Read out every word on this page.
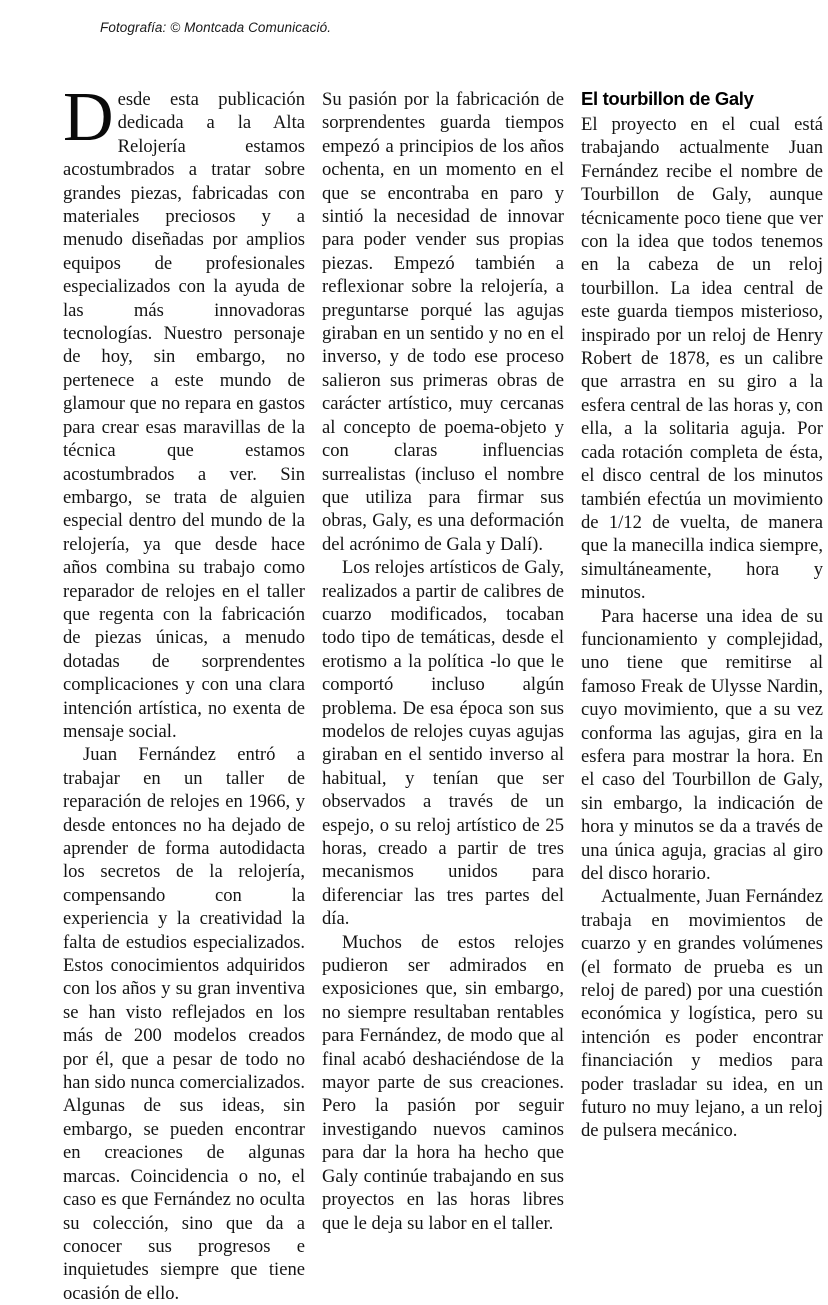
Fotografía: © Montcada Comunicació.

Desde esta publicación dedicada a la Alta Relojería estamos acostumbrados a tratar sobre grandes piezas, fabricadas con materiales preciosos y a menudo diseñadas por amplios equipos de profesionales especializados con la ayuda de las más innovadoras tecnologías. Nuestro personaje de hoy, sin embargo, no pertenece a este mundo de glamour que no repara en gastos para crear esas maravillas de la técnica que estamos acostumbrados a ver. Sin embargo, se trata de alguien especial dentro del mundo de la relojería, ya que desde hace años combina su trabajo como reparador de relojes en el taller que regenta con la fabricación de piezas únicas, a menudo dotadas de sorprendentes complicaciones y con una clara intención artística, no exenta de mensaje social.

Juan Fernández entró a trabajar en un taller de reparación de relojes en 1966, y desde entonces no ha dejado de aprender de forma autodidacta los secretos de la relojería, compensando con la experiencia y la creatividad la falta de estudios especializados. Estos conocimientos adquiridos con los años y su gran inventiva se han visto reflejados en los más de 200 modelos creados por él, que a pesar de todo no han sido nunca comercializados. Algunas de sus ideas, sin embargo, se pueden encontrar en creaciones de algunas marcas. Coincidencia o no, el caso es que Fernández no oculta su colección, sino que da a conocer sus progresos e inquietudes siempre que tiene ocasión de ello.

Su pasión por la fabricación de sorprendentes guarda tiempos empezó a principios de los años ochenta, en un momento en el que se encontraba en paro y sintió la necesidad de innovar para poder vender sus propias piezas. Empezó también a reflexionar sobre la relojería, a preguntarse porqué las agujas giraban en un sentido y no en el inverso, y de todo ese proceso salieron sus primeras obras de carácter artístico, muy cercanas al concepto de poema-objeto y con claras influencias surrealistas (incluso el nombre que utiliza para firmar sus obras, Galy, es una deformación del acrónimo de Gala y Dalí).

Los relojes artísticos de Galy, realizados a partir de calibres de cuarzo modificados, tocaban todo tipo de temáticas, desde el erotismo a la política -lo que le comportó incluso algún problema. De esa época son sus modelos de relojes cuyas agujas giraban en el sentido inverso al habitual, y tenían que ser observados a través de un espejo, o su reloj artístico de 25 horas, creado a partir de tres mecanismos unidos para diferenciar las tres partes del día.

Muchos de estos relojes pudieron ser admirados en exposiciones que, sin embargo, no siempre resultaban rentables para Fernández, de modo que al final acabó deshaciéndose de la mayor parte de sus creaciones. Pero la pasión por seguir investigando nuevos caminos para dar la hora ha hecho que Galy continúe trabajando en sus proyectos en las horas libres que le deja su labor en el taller.

El tourbillon de Galy

El proyecto en el cual está trabajando actualmente Juan Fernández recibe el nombre de Tourbillon de Galy, aunque técnicamente poco tiene que ver con la idea que todos tenemos en la cabeza de un reloj tourbillon. La idea central de este guarda tiempos misterioso, inspirado por un reloj de Henry Robert de 1878, es un calibre que arrastra en su giro a la esfera central de las horas y, con ella, a la solitaria aguja. Por cada rotación completa de ésta, el disco central de los minutos también efectúa un movimiento de 1/12 de vuelta, de manera que la manecilla indica siempre, simultáneamente, hora y minutos.

Para hacerse una idea de su funcionamiento y complejidad, uno tiene que remitirse al famoso Freak de Ulysse Nardin, cuyo movimiento, que a su vez conforma las agujas, gira en la esfera para mostrar la hora. En el caso del Tourbillon de Galy, sin embargo, la indicación de hora y minutos se da a través de una única aguja, gracias al giro del disco horario.

Actualmente, Juan Fernández trabaja en movimientos de cuarzo y en grandes volúmenes (el formato de prueba es un reloj de pared) por una cuestión económica y logística, pero su intención es poder encontrar financiación y medios para poder trasladar su idea, en un futuro no muy lejano, a un reloj de pulsera mecánico.
